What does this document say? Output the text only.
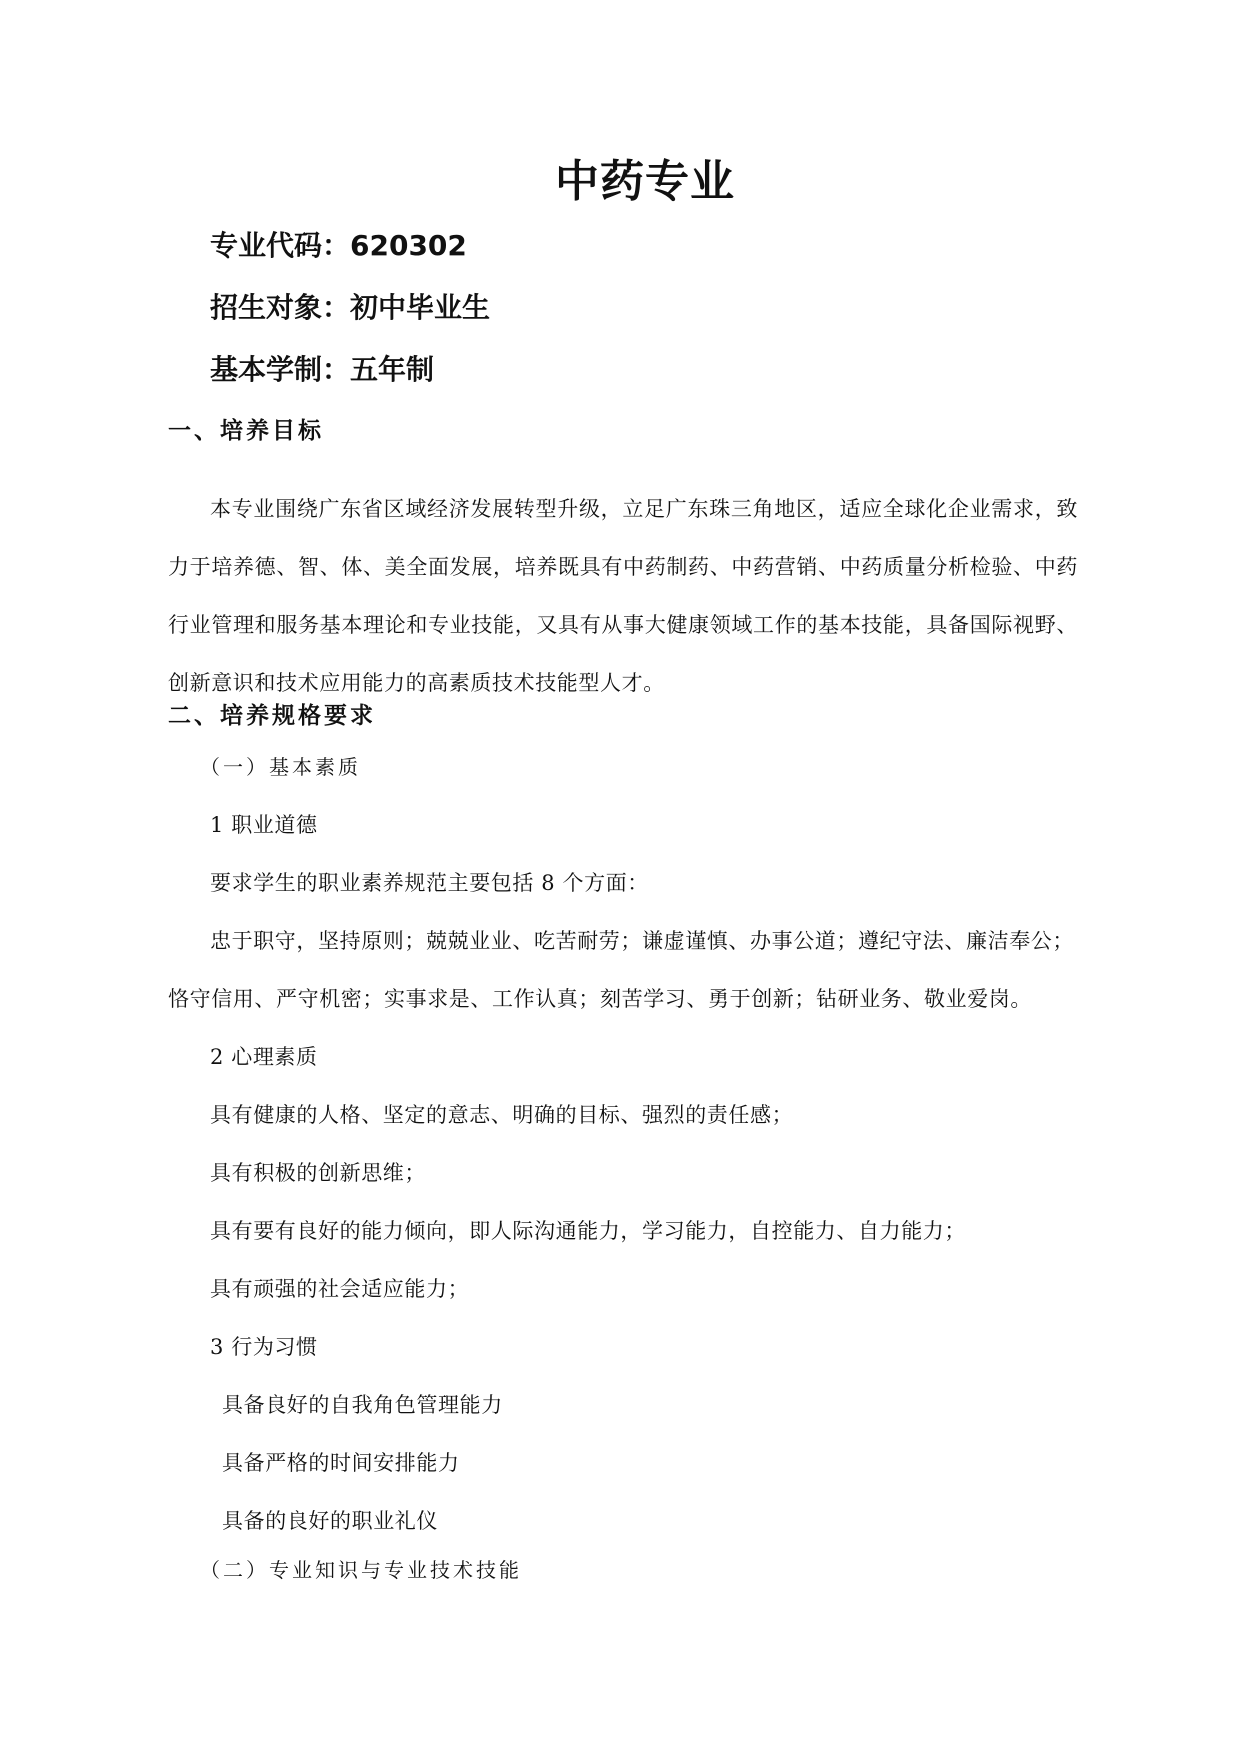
中药专业
专业代码：620302
招生对象：初中毕业生
基本学制：五年制
一、培养目标
本专业围绕广东省区域经济发展转型升级，立足广东珠三角地区，适应全球化企业需求，致力于培养德、智、体、美全面发展，培养既具有中药制药、中药营销、中药质量分析检验、中药行业管理和服务基本理论和专业技能，又具有从事大健康领域工作的基本技能，具备国际视野、创新意识和技术应用能力的高素质技术技能型人才。
二、培养规格要求
（一）基本素质
1 职业道德
要求学生的职业素养规范主要包括 8 个方面：
忠于职守，坚持原则；兢兢业业、吃苦耐劳；谦虚谨慎、办事公道；遵纪守法、廉洁奉公；
恪守信用、严守机密；实事求是、工作认真；刻苦学习、勇于创新；钻研业务、敬业爱岗。
2 心理素质
具有健康的人格、坚定的意志、明确的目标、强烈的责任感；
具有积极的创新思维；
具有要有良好的能力倾向，即人际沟通能力，学习能力，自控能力、自力能力；
具有顽强的社会适应能力；
3 行为习惯
具备良好的自我角色管理能力
具备严格的时间安排能力
具备的良好的职业礼仪
（二）专业知识与专业技术技能
